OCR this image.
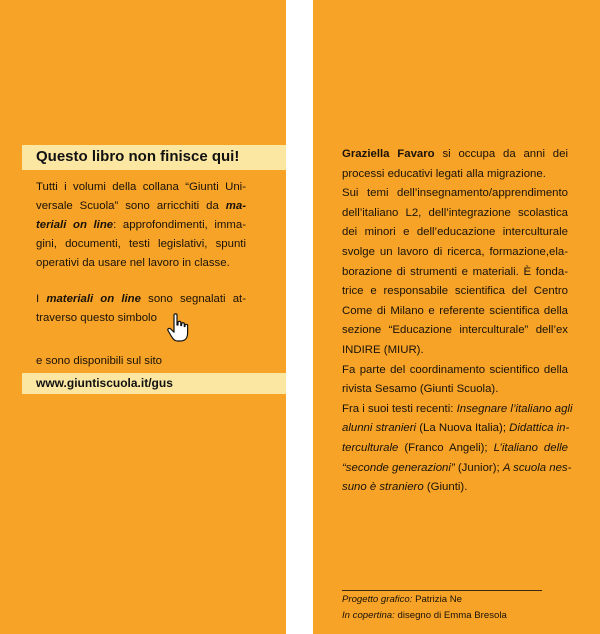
Questo libro non finisce qui!
Tutti i volumi della collana “Giunti Uni-
versale Scuola” sono arricchiti da ma-
teriali on line: approfondimenti, imma-
gini, documenti, testi legislativi, spunti
operativi da usare nel lavoro in classe.
I materiali on line sono segnalati at-
traverso questo simbolo
e sono disponibili sul sito
www.giuntiscuola.it/gus
Graziella Favaro si occupa da anni dei
processi educativi legati alla migrazione.
Sui temi dell’insegnamento/apprendimento
dell’italiano L2, dell’integrazione scolastica
dei minori e dell’educazione interculturale
svolge un lavoro di ricerca, formazione,ela-
borazione di strumenti e materiali. È fonda-
trice e responsabile scientifica del Centro
Come di Milano e referente scientifica della
sezione “Educazione interculturale” dell’ex
INDIRE (MIUR).
Fa parte del coordinamento scientifico della
rivista Sesamo (Giunti Scuola).
Fra i suoi testi recenti: Insegnare l’italiano agli
alunni stranieri (La Nuova Italia); Didattica in-
terculturale (Franco Angeli); L’italiano delle
“seconde generazioni” (Junior); A scuola nes-
suno è straniero (Giunti).
Progetto grafico: Patrizia Ne
In copertina: disegno di Emma Bresola
